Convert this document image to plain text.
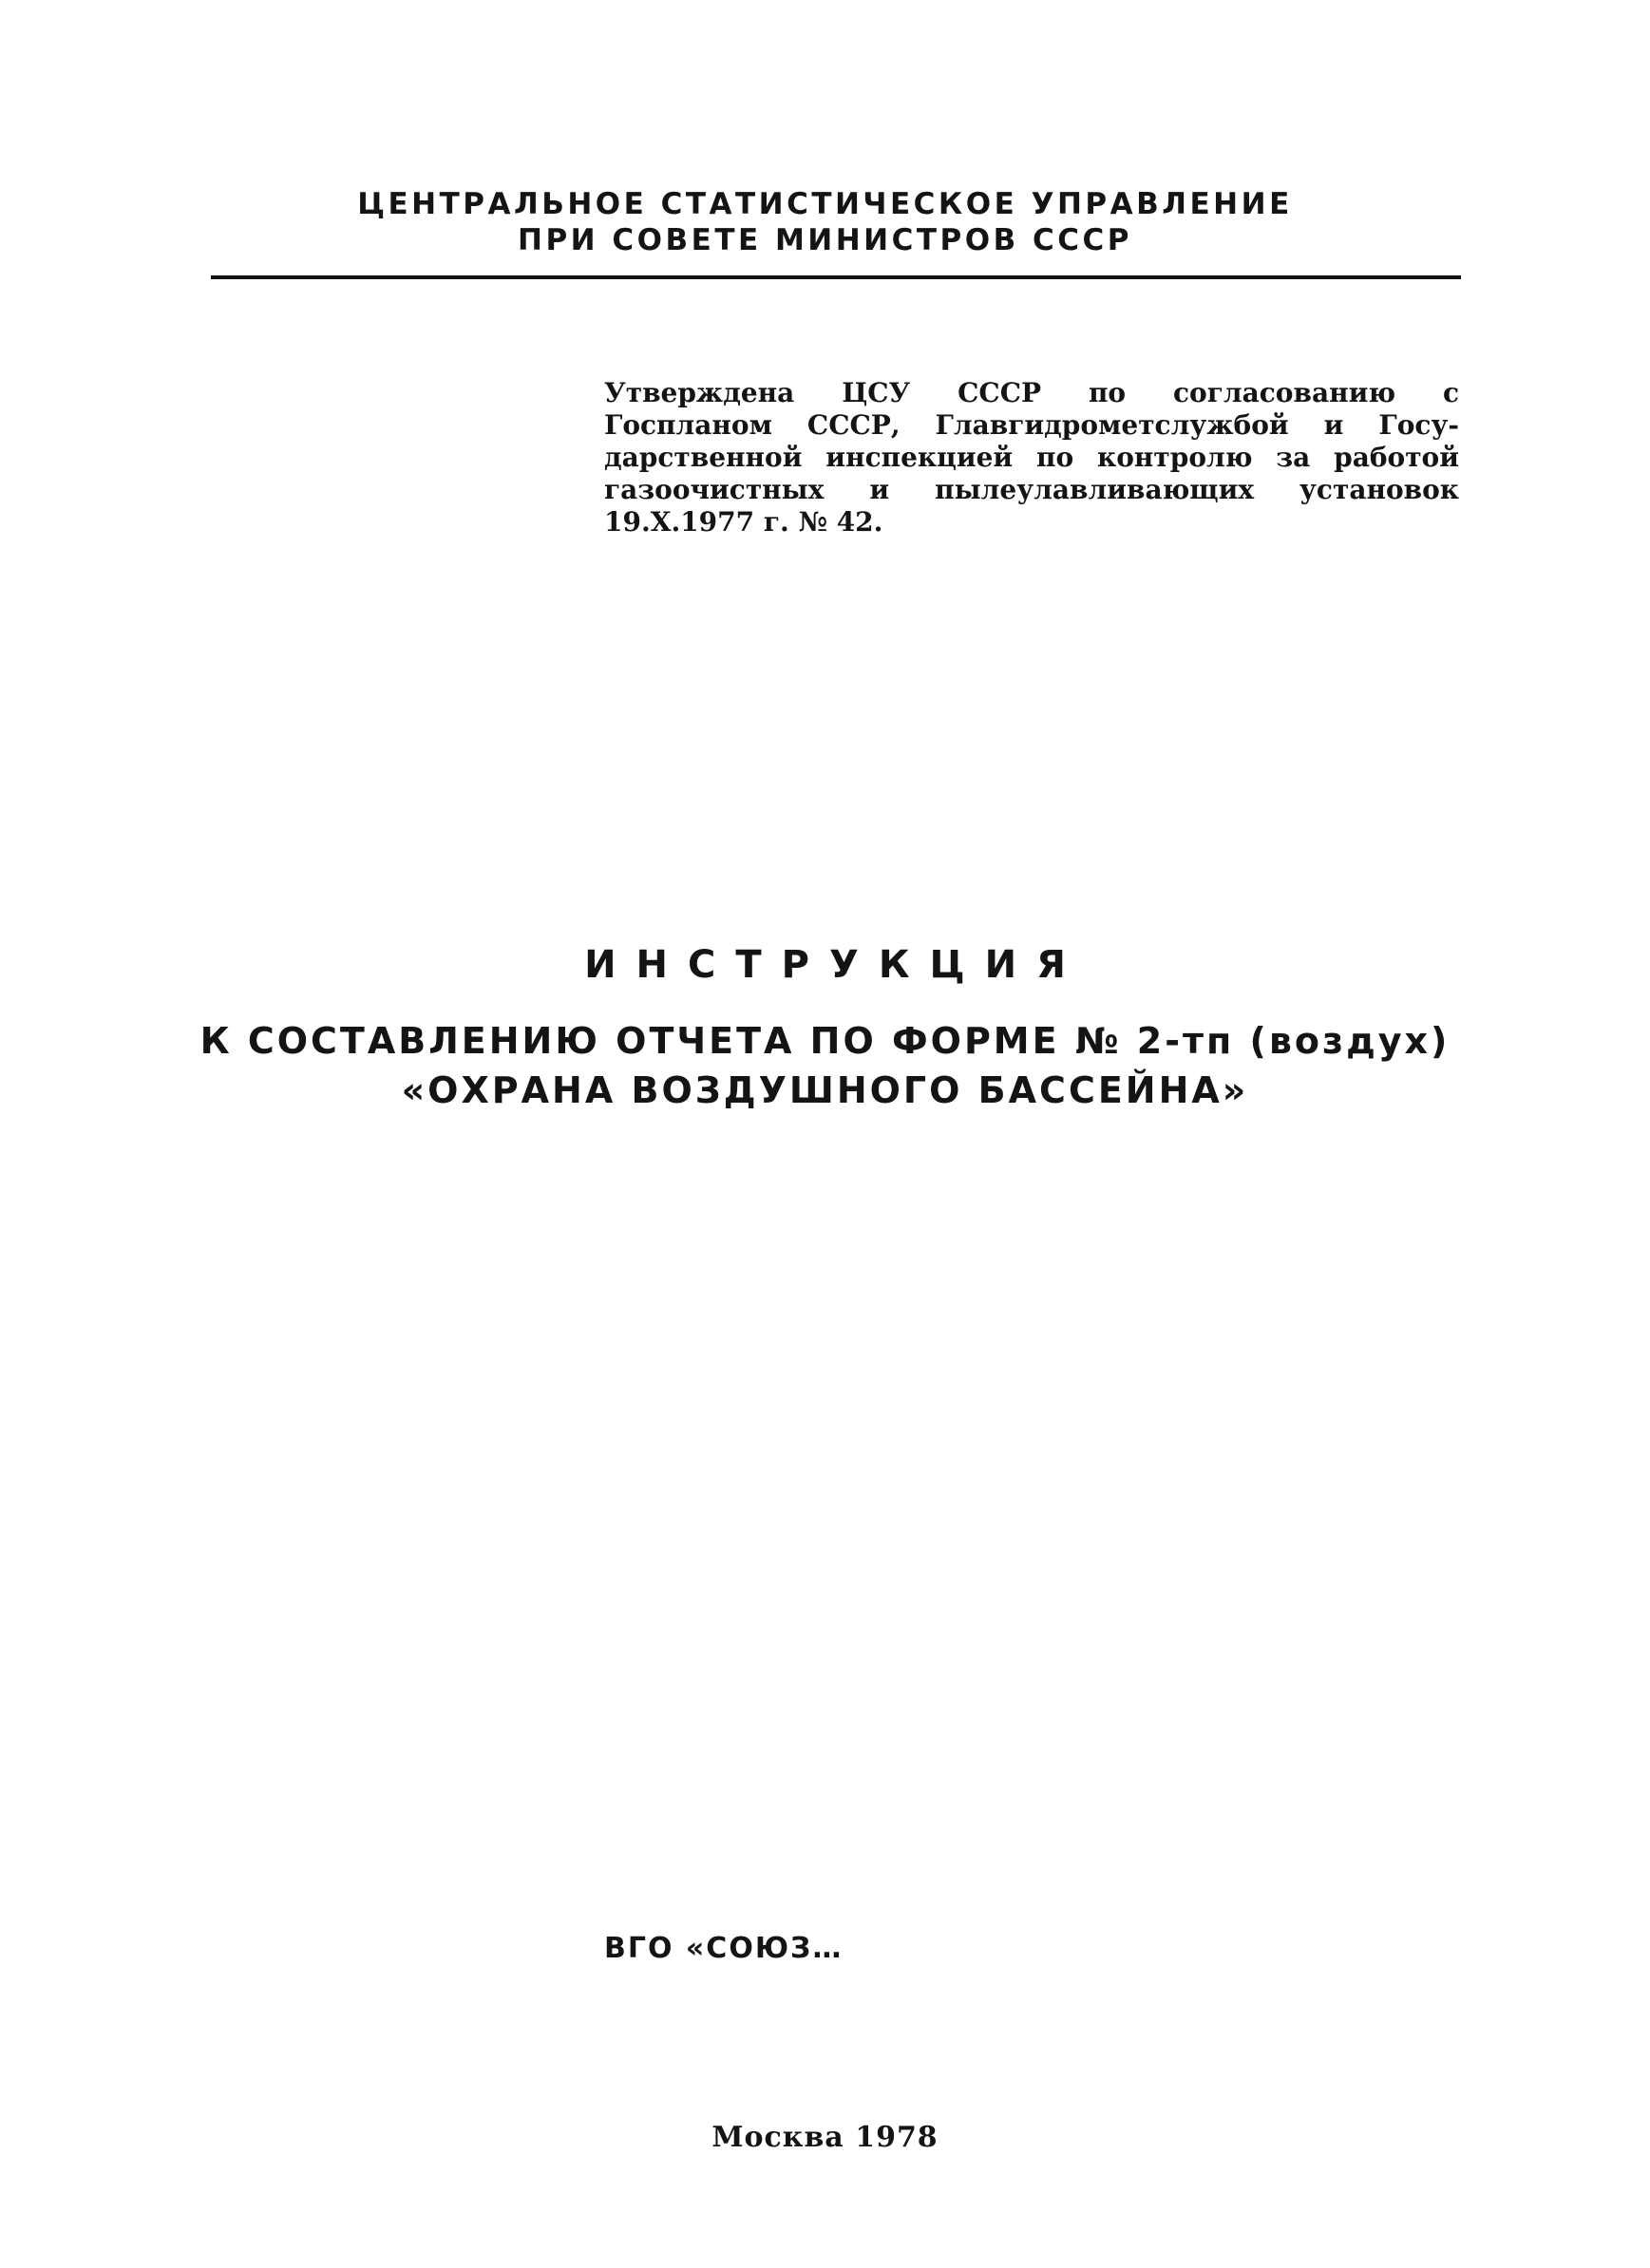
ЦЕНТРАЛЬНОЕ СТАТИСТИЧЕСКОЕ УПРАВЛЕНИЕ
ПРИ СОВЕТЕ МИНИСТРОВ СССР
Утверждена ЦСУ СССР по согласованию с
Госпланом СССР, Главгидрометслужбой и Госу-
дарственной инспекцией по контролю за работой
газоочистных и пылеулавливающих установок
19.X.1977 г. № 42.
ИНСТРУКЦИЯ
К СОСТАВЛЕНИЮ ОТЧЕТА ПО ФОРМЕ № 2-тп (воздух)
«ОХРАНА ВОЗДУШНОГО БАССЕЙНА»
ВГО «СОЮЗ…
Москва 1978
